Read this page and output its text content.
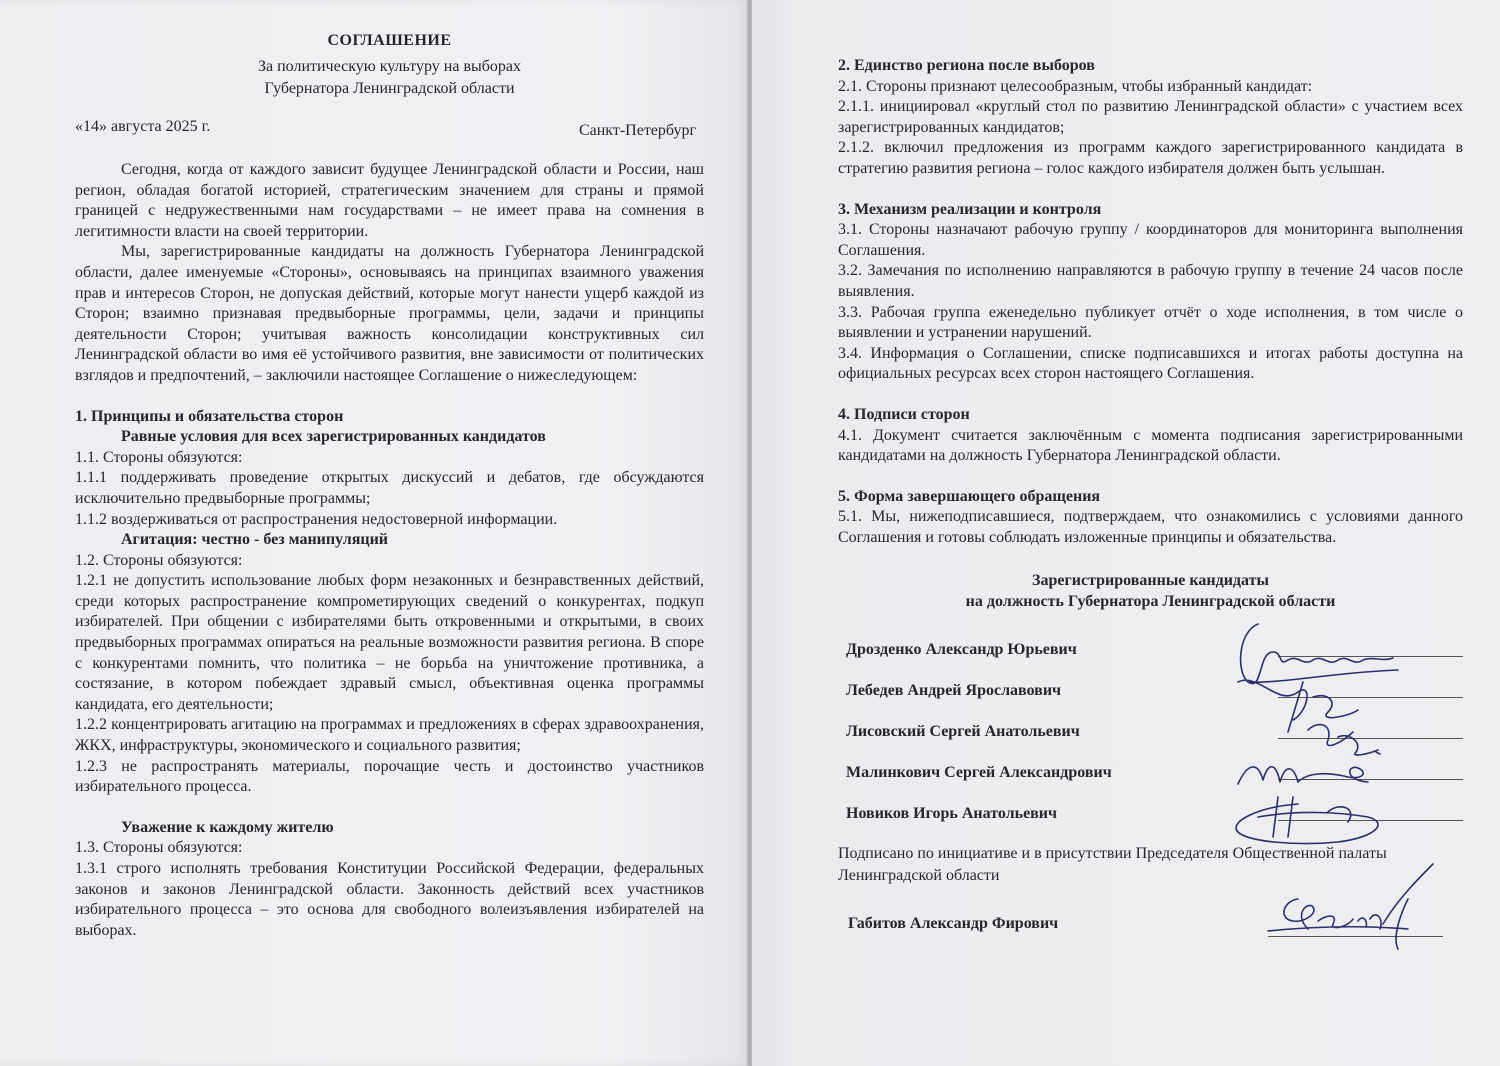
СОГЛАШЕНИЕ

За политическую культуру на выборах

Губернатора Ленинградской области

«14» августа 2025 г.	Санкт-Петербург

Сегодня, когда от каждого зависит будущее Ленинградской области и России, наш регион, обладая богатой историей, стратегическим значением для страны и прямой границей с недружественными нам государствами – не имеет права на сомнения в легитимности власти на своей территории.

Мы, зарегистрированные кандидаты на должность Губернатора Ленинградской области, далее именуемые «Стороны», основываясь на принципах взаимного уважения прав и интересов Сторон, не допуская действий, которые могут нанести ущерб каждой из Сторон; взаимно признавая предвыборные программы, цели, задачи и принципы деятельности Сторон; учитывая важность консолидации конструктивных сил Ленинградской области во имя её устойчивого развития, вне зависимости от политических взглядов и предпочтений, – заключили настоящее Соглашение о нижеследующем:

1. Принципы и обязательства сторон

Равные условия для всех зарегистрированных кандидатов

1.1. Стороны обязуются:

1.1.1 поддерживать проведение открытых дискуссий и дебатов, где обсуждаются исключительно предвыборные программы;

1.1.2 воздерживаться от распространения недостоверной информации.

Агитация: честно - без манипуляций

1.2. Стороны обязуются:

1.2.1 не допустить использование любых форм незаконных и безнравственных действий, среди которых распространение компрометирующих сведений о конкурентах, подкуп избирателей. При общении с избирателями быть откровенными и открытыми, в своих предвыборных программах опираться на реальные возможности развития региона. В споре с конкурентами помнить, что политика – не борьба на уничтожение противника, а состязание, в котором побеждает здравый смысл, объективная оценка программы кандидата, его деятельности;

1.2.2 концентрировать агитацию на программах и предложениях в сферах здравоохранения, ЖКХ, инфраструктуры, экономического и социального развития;

1.2.3 не распространять материалы, порочащие честь и достоинство участников избирательного процесса.

Уважение к каждому жителю

1.3. Стороны обязуются:

1.3.1 строго исполнять требования Конституции Российской Федерации, федеральных законов и законов Ленинградской области. Законность действий всех участников избирательного процесса – это основа для свободного волеизъявления избирателей на выборах.

2. Единство региона после выборов

2.1. Стороны признают целесообразным, чтобы избранный кандидат:

2.1.1. инициировал «круглый стол по развитию Ленинградской области» с участием всех зарегистрированных кандидатов;

2.1.2. включил предложения из программ каждого зарегистрированного кандидата в стратегию развития региона – голос каждого избирателя должен быть услышан.

3. Механизм реализации и контроля

3.1. Стороны назначают рабочую группу / координаторов для мониторинга выполнения Соглашения.

3.2. Замечания по исполнению направляются в рабочую группу в течение 24 часов после выявления.

3.3. Рабочая группа еженедельно публикует отчёт о ходе исполнения, в том числе о выявлении и устранении нарушений.

3.4. Информация о Соглашении, списке подписавшихся и итогах работы доступна на официальных ресурсах всех сторон настоящего Соглашения.

4. Подписи сторон

4.1. Документ считается заключённым с момента подписания зарегистрированными кандидатами на должность Губернатора Ленинградской области.

5. Форма завершающего обращения

5.1. Мы, нижеподписавшиеся, подтверждаем, что ознакомились с условиями данного Соглашения и готовы соблюдать изложенные принципы и обязательства.

Зарегистрированные кандидаты
на должность Губернатора Ленинградской области
Дрозденко Александр Юрьевич
Лебедев Андрей Ярославович
Лисовский Сергей Анатольевич
Малинкович Сергей Александрович
Новиков Игорь Анатольевич

Подписано по инициативе и в присутствии Председателя Общественной палаты Ленинградской области

Габитов Александр Фирович
